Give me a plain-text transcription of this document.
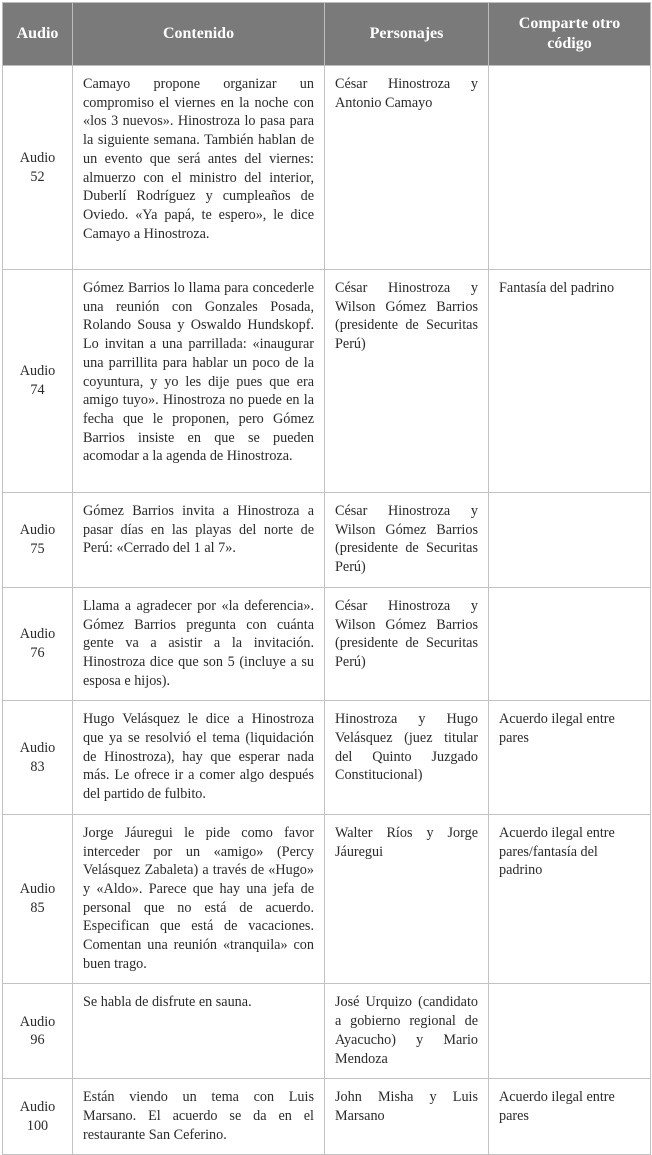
Audio	Contenido	Personajes	Comparte otro código

Audio
52	Camayo propone organizar un compromiso el viernes en la noche con «los 3 nuevos». Hinostroza lo pasa para la siguiente semana. También hablan de un evento que será antes del viernes: almuerzo con el ministro del interior, Duberlí Rodríguez y cumpleaños de Oviedo. «Ya papá, te espero», le dice Camayo a Hinostroza.	César Hinostroza y Antonio Camayo	

Audio
74	Gómez Barrios lo llama para concederle una reunión con Gonzales Posada, Rolando Sousa y Oswaldo Hundskopf. Lo invitan a una parrillada: «inaugurar una parrillita para hablar un poco de la coyuntura, y yo les dije pues que era amigo tuyo». Hinostroza no puede en la fecha que le proponen, pero Gómez Barrios insiste en que se pueden acomodar a la agenda de Hinostroza.	César Hinostroza y Wilson Gómez Barrios (presidente de Securitas Perú)	Fantasía del padrino

Audio
75	Gómez Barrios invita a Hinostroza a pasar días en las playas del norte de Perú: «Cerrado del 1 al 7».	César Hinostroza y Wilson Gómez Barrios (presidente de Securitas Perú)	

Audio
76	Llama a agradecer por «la deferencia». Gómez Barrios pregunta con cuánta gente va a asistir a la invitación. Hinostroza dice que son 5 (incluye a su esposa e hijos).	César Hinostroza y Wilson Gómez Barrios (presidente de Securitas Perú)	

Audio
83	Hugo Velásquez le dice a Hinostroza que ya se resolvió el tema (liquidación de Hinostroza), hay que esperar nada más. Le ofrece ir a comer algo después del partido de fulbito.	Hinostroza y Hugo Velásquez (juez titular del Quinto Juzgado Constitucional)	Acuerdo ilegal entre pares

Audio
85	Jorge Jáuregui le pide como favor interceder por un «amigo» (Percy Velásquez Zabaleta) a través de «Hugo» y «Aldo». Parece que hay una jefa de personal que no está de acuerdo. Especifican que está de vacaciones. Comentan una reunión «tranquila» con buen trago.	Walter Ríos y Jorge Jáuregui	Acuerdo ilegal entre pares/fantasía del padrino

Audio
96	Se habla de disfrute en sauna.	José Urquizo (candidato a gobierno regional de Ayacucho) y Mario Mendoza	

Audio
100	Están viendo un tema con Luis Marsano. El acuerdo se da en el restaurante San Ceferino.	John Misha y Luis Marsano	Acuerdo ilegal entre pares
